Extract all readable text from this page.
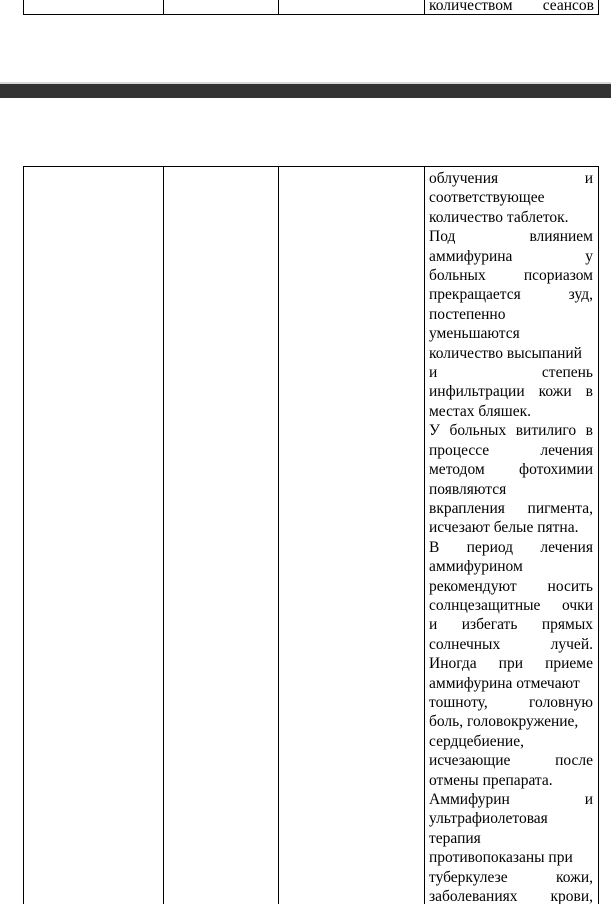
количеством сеансов

облучения	и
соответствующее
количество таблеток.
Под	влиянием
аммифурина	у
больных псориазом
прекращается	зуд,
постепенно
уменьшаются
количество высыпаний
и	степень
инфильтрации кожи в
местах бляшек.
У больных витилиго в
процессе	лечения
методом фотохимии
появляются
вкрапления пигмента,
исчезают белые пятна.
В период лечения
аммифурином
рекомендуют носить
солнцезащитные очки
и избегать прямых
солнечных	лучей.
Иногда при приеме
аммифурина отмечают
тошноту,	головную
боль, головокружение,
сердцебиение,
исчезающие	после
отмены препарата.
Аммифурин	и
ультрафиолетовая
терапия
противопоказаны при
туберкулезе	кожи,
заболеваниях крови,
